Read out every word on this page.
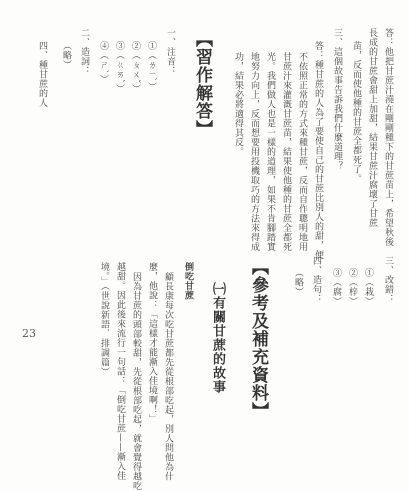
答：他把甘蔗汁澆在剛剛種下的甘蔗苗上，希望秋後
長成的甘蔗會甜上加甜，結果甘蔗汁腐壞了甘蔗
苗，反而使他種的甘蔗全都死了。
三、這個故事告訴我們什麼道理？
答：種甘蔗的人為了要使自己的甘蔗比別人的甜，便
不依照正常的方式來種甘蔗，反而自作聰明地用
甘蔗汁來灌溉甘蔗苗，結果使他種的甘蔗全都死
光。我們做人也是一樣的道理，如果不肯腳踏實
地努力向上，反而想要用投機取巧的方法來得成
功，結果必將適得其反。
【習作解答】
一、注音：
①（ㄌㄧˋ）
②（ㄆㄨˇ）
③（ㄍㄞˋ）
④（ㄕˋ）
二、造詞：
（略）
四、種甘蔗的人
三、改錯：
①（栽）
②（梓）
③（腐）
四、造句：
（略）
【參考及補充資料】
㈠有關甘蔗的故事
倒吃甘蔗
顧長康每次吃甘蔗都先從根部吃起，別人問他為什
麼，他說：「這樣才能漸入佳境啊！」
因為甘蔗的頭部較甜，先從根部吃起，就會覺得越吃
越甜。因此後來流行一句話：「倒吃甘蔗——漸入佳
境。」（世說新語．排調篇）
23
